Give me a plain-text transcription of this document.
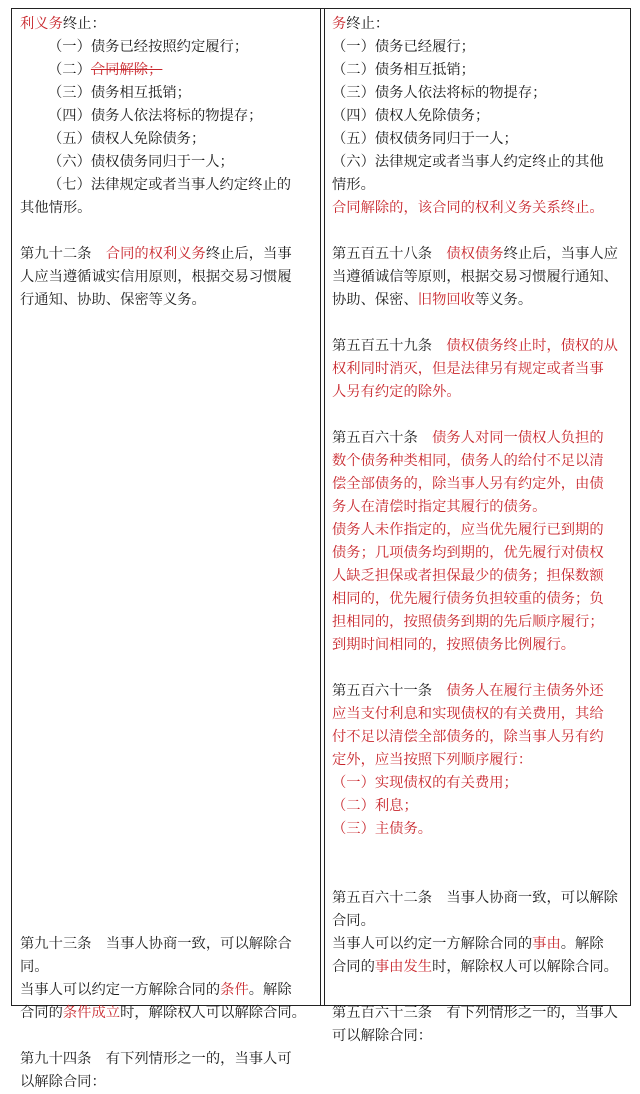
利义务终止：
（一）债务已经按照约定履行；
（二）合同解除；
（三）债务相互抵销；
（四）债务人依法将标的物提存；
（五）债权人免除债务；
（六）债权债务同归于一人；
（七）法律规定或者当事人约定终止的
其他情形。
第九十二条　合同的权利义务终止后，当事
人应当遵循诚实信用原则，根据交易习惯履
行通知、协助、保密等义务。
第九十三条　当事人协商一致，可以解除合
同。
当事人可以约定一方解除合同的条件。解除
合同的条件成立时，解除权人可以解除合同。
第九十四条　有下列情形之一的，当事人可
以解除合同：
务终止：
（一）债务已经履行；
（二）债务相互抵销；
（三）债务人依法将标的物提存；
（四）债权人免除债务；
（五）债权债务同归于一人；
（六）法律规定或者当事人约定终止的其他
情形。
合同解除的，该合同的权利义务关系终止。
第五百五十八条　债权债务终止后，当事人应
当遵循诚信等原则，根据交易习惯履行通知、
协助、保密、旧物回收等义务。
第五百五十九条　债权债务终止时，债权的从
权利同时消灭，但是法律另有规定或者当事
人另有约定的除外。
第五百六十条　债务人对同一债权人负担的
数个债务种类相同，债务人的给付不足以清
偿全部债务的，除当事人另有约定外，由债
务人在清偿时指定其履行的债务。
债务人未作指定的，应当优先履行已到期的
债务；几项债务均到期的，优先履行对债权
人缺乏担保或者担保最少的债务；担保数额
相同的，优先履行债务负担较重的债务；负
担相同的，按照债务到期的先后顺序履行；
到期时间相同的，按照债务比例履行。
第五百六十一条　债务人在履行主债务外还
应当支付利息和实现债权的有关费用，其给
付不足以清偿全部债务的，除当事人另有约
定外，应当按照下列顺序履行：
（一）实现债权的有关费用；
（二）利息；
（三）主债务。
第五百六十二条　当事人协商一致，可以解除
合同。
当事人可以约定一方解除合同的事由。解除
合同的事由发生时，解除权人可以解除合同。
第五百六十三条　有下列情形之一的，当事人
可以解除合同：
